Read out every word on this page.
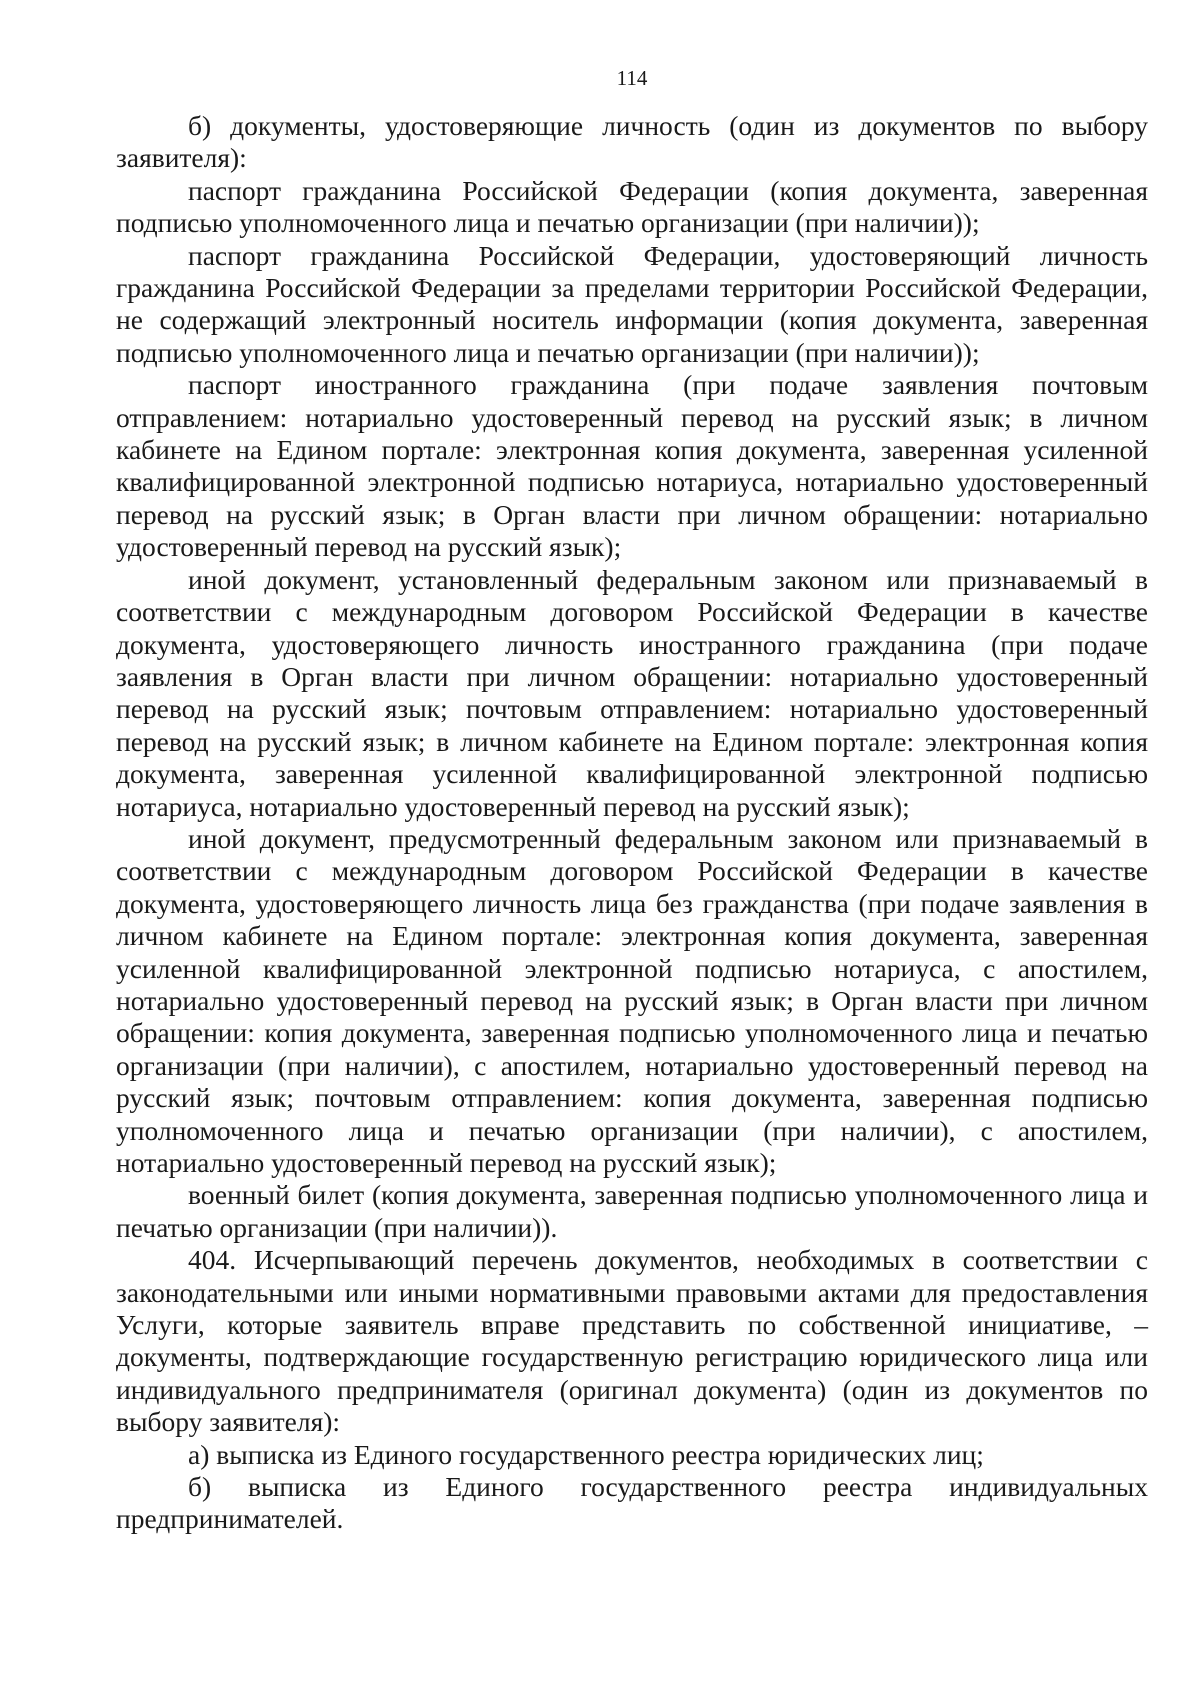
114

б) документы, удостоверяющие личность (один из документов по выбору заявителя):

паспорт гражданина Российской Федерации (копия документа, заверенная подписью уполномоченного лица и печатью организации (при наличии));

паспорт гражданина Российской Федерации, удостоверяющий личность гражданина Российской Федерации за пределами территории Российской Федерации, не содержащий электронный носитель информации (копия документа, заверенная подписью уполномоченного лица и печатью организации (при наличии));

паспорт иностранного гражданина (при подаче заявления почтовым отправлением: нотариально удостоверенный перевод на русский язык; в личном кабинете на Едином портале: электронная копия документа, заверенная усиленной квалифицированной электронной подписью нотариуса, нотариально удостоверенный перевод на русский язык; в Орган власти при личном обращении: нотариально удостоверенный перевод на русский язык);

иной документ, установленный федеральным законом или признаваемый в соответствии с международным договором Российской Федерации в качестве документа, удостоверяющего личность иностранного гражданина (при подаче заявления в Орган власти при личном обращении: нотариально удостоверенный перевод на русский язык; почтовым отправлением: нотариально удостоверенный перевод на русский язык; в личном кабинете на Едином портале: электронная копия документа, заверенная усиленной квалифицированной электронной подписью нотариуса, нотариально удостоверенный перевод на русский язык);

иной документ, предусмотренный федеральным законом или признаваемый в соответствии с международным договором Российской Федерации в качестве документа, удостоверяющего личность лица без гражданства (при подаче заявления в личном кабинете на Едином портале: электронная копия документа, заверенная усиленной квалифицированной электронной подписью нотариуса, с апостилем, нотариально удостоверенный перевод на русский язык; в Орган власти при личном обращении: копия документа, заверенная подписью уполномоченного лица и печатью организации (при наличии), с апостилем, нотариально удостоверенный перевод на русский язык; почтовым отправлением: копия документа, заверенная подписью уполномоченного лица и печатью организации (при наличии), с апостилем, нотариально удостоверенный перевод на русский язык);

военный билет (копия документа, заверенная подписью уполномоченного лица и печатью организации (при наличии)).

404. Исчерпывающий перечень документов, необходимых в соответствии с законодательными или иными нормативными правовыми актами для предоставления Услуги, которые заявитель вправе представить по собственной инициативе, – документы, подтверждающие государственную регистрацию юридического лица или индивидуального предпринимателя (оригинал документа) (один из документов по выбору заявителя):

а) выписка из Единого государственного реестра юридических лиц;

б) выписка из Единого государственного реестра индивидуальных предпринимателей.
